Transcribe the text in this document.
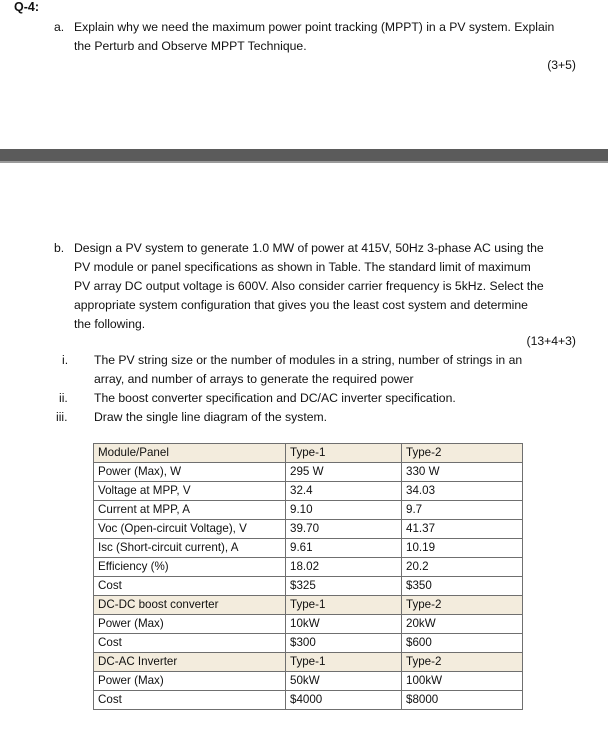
Q-4:
a. Explain why we need the maximum power point tracking (MPPT) in a PV system. Explain
the Perturb and Observe MPPT Technique.
(3+5)
b. Design a PV system to generate 1.0 MW of power at 415V, 50Hz 3-phase AC using the
PV module or panel specifications as shown in Table. The standard limit of maximum
PV array DC output voltage is 600V. Also consider carrier frequency is 5kHz. Select the
appropriate system configuration that gives you the least cost system and determine
the following.
(13+4+3)
i. The PV string size or the number of modules in a string, number of strings in an
array, and number of arrays to generate the required power
ii. The boost converter specification and DC/AC inverter specification.
iii. Draw the single line diagram of the system.
Module/Panel	Type-1	Type-2
Power (Max), W	295 W	330 W
Voltage at MPP, V	32.4	34.03
Current at MPP, A	9.10	9.7
Voc (Open-circuit Voltage), V	39.70	41.37
Isc (Short-circuit current), A	9.61	10.19
Efficiency (%)	18.02	20.2
Cost	$325	$350
DC-DC boost converter	Type-1	Type-2
Power (Max)	10kW	20kW
Cost	$300	$600
DC-AC Inverter	Type-1	Type-2
Power (Max)	50kW	100kW
Cost	$4000	$8000
